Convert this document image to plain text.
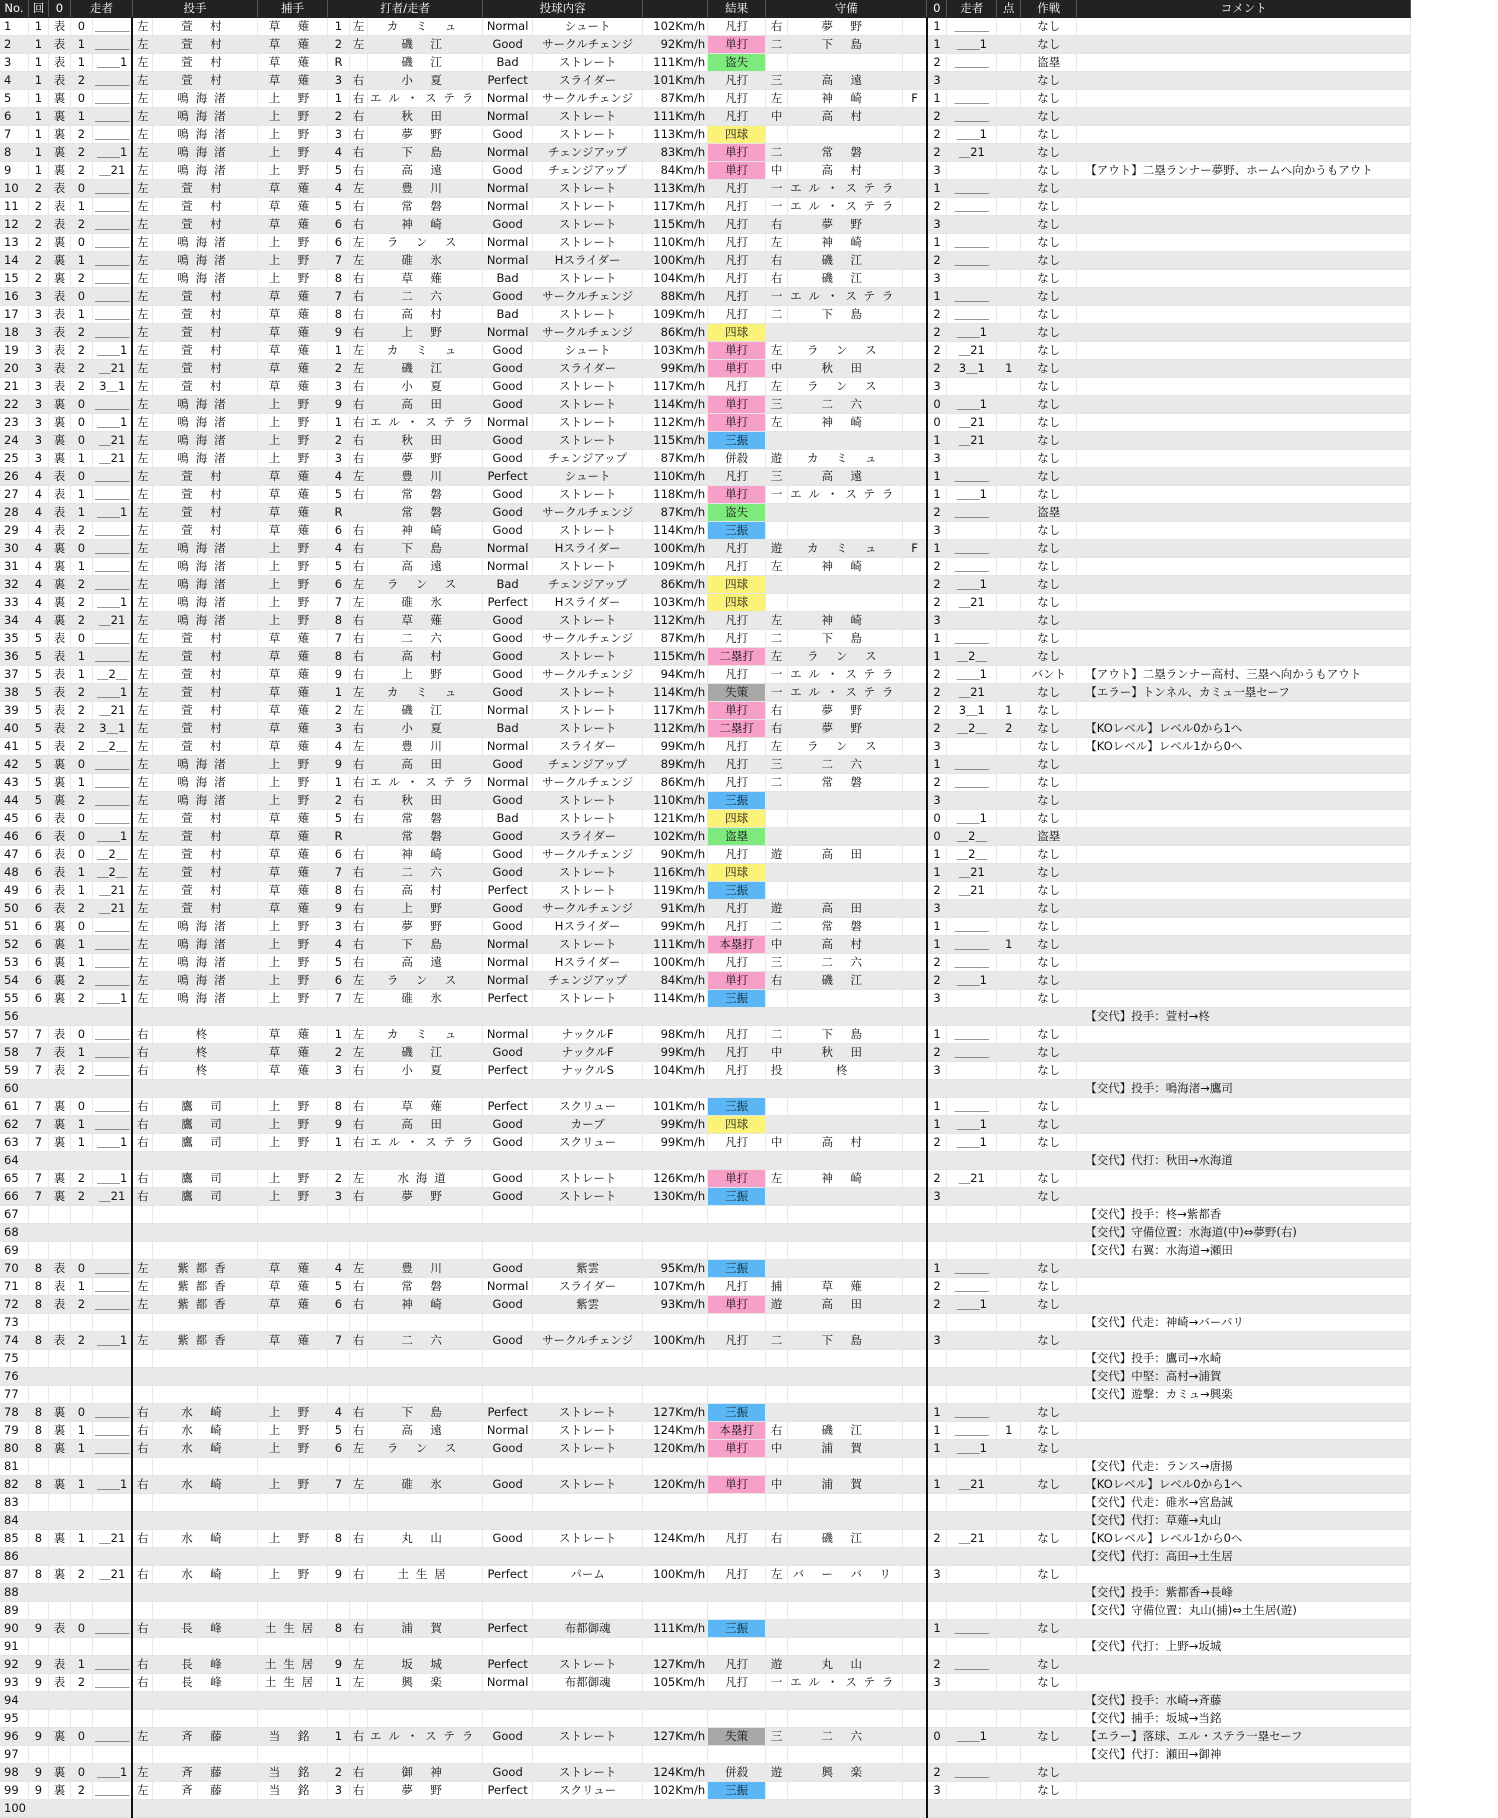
No.	回	0	走者		投手		捕手	打者/走者			投球内容			結果	守備			0	走者	点	作戦	コメント
1	1	表	0	＿＿＿	左	萱 村	草 薙	1	左	カ ミ ュ	Normal	シュート	102Km/h	凡打	右	夢 野		1	＿＿＿		なし	
2	1	表	1	＿＿＿	左	萱 村	草 薙	2	左	磯 江	Good	サークルチェンジ	92Km/h	単打	二	下 島		1	＿＿1		なし	
3	1	表	1	＿＿1	左	萱 村	草 薙	R		磯 江	Bad	ストレート	111Km/h	盗失				2	＿＿＿		盗塁	
4	1	表	2	＿＿＿	左	萱 村	草 薙	3	右	小 夏	Perfect	スライダー	101Km/h	凡打	三	高 遠		3			なし	
5	1	裏	0	＿＿＿	左	鳴海渚	上 野	1	右	エル・ステラ	Normal	サークルチェンジ	87Km/h	凡打	左	神 崎	F	1	＿＿＿		なし	
6	1	裏	1	＿＿＿	左	鳴海渚	上 野	2	右	秋 田	Normal	ストレート	111Km/h	凡打	中	高 村		2	＿＿＿		なし	
7	1	裏	2	＿＿＿	左	鳴海渚	上 野	3	右	夢 野	Good	ストレート	113Km/h	四球				2	＿＿1		なし	
8	1	裏	2	＿＿1	左	鳴海渚	上 野	4	右	下 島	Normal	チェンジアップ	83Km/h	単打	二	常 磐		2	＿21		なし	
9	1	裏	2	＿21	左	鳴海渚	上 野	5	右	高 遠	Good	チェンジアップ	84Km/h	単打	中	高 村		3			なし	【アウト】二塁ランナー夢野、ホームへ向かうもアウト
10	2	表	0	＿＿＿	左	萱 村	草 薙	4	左	豊 川	Normal	ストレート	113Km/h	凡打	一	エル・ステラ		1	＿＿＿		なし	
11	2	表	1	＿＿＿	左	萱 村	草 薙	5	右	常 磐	Normal	ストレート	117Km/h	凡打	一	エル・ステラ		2	＿＿＿		なし	
12	2	表	2	＿＿＿	左	萱 村	草 薙	6	右	神 崎	Good	ストレート	115Km/h	凡打	右	夢 野		3			なし	
13	2	裏	0	＿＿＿	左	鳴海渚	上 野	6	左	ラ ン ス	Normal	ストレート	110Km/h	凡打	左	神 崎		1	＿＿＿		なし	
14	2	裏	1	＿＿＿	左	鳴海渚	上 野	7	左	碓 氷	Normal	Hスライダー	100Km/h	凡打	右	磯 江		2	＿＿＿		なし	
15	2	裏	2	＿＿＿	左	鳴海渚	上 野	8	右	草 薙	Bad	ストレート	104Km/h	凡打	右	磯 江		3			なし	
16	3	表	0	＿＿＿	左	萱 村	草 薙	7	右	二 六	Good	サークルチェンジ	88Km/h	凡打	一	エル・ステラ		1	＿＿＿		なし	
17	3	表	1	＿＿＿	左	萱 村	草 薙	8	右	高 村	Bad	ストレート	109Km/h	凡打	二	下 島		2	＿＿＿		なし	
18	3	表	2	＿＿＿	左	萱 村	草 薙	9	右	上 野	Normal	サークルチェンジ	86Km/h	四球				2	＿＿1		なし	
19	3	表	2	＿＿1	左	萱 村	草 薙	1	左	カ ミ ュ	Good	シュート	103Km/h	単打	左	ラ ン ス		2	＿21		なし	
20	3	表	2	＿21	左	萱 村	草 薙	2	左	磯 江	Good	スライダー	99Km/h	単打	中	秋 田		2	3＿1	1	なし	
21	3	表	2	3＿1	左	萱 村	草 薙	3	右	小 夏	Good	ストレート	117Km/h	凡打	左	ラ ン ス		3			なし	
22	3	裏	0	＿＿＿	左	鳴海渚	上 野	9	右	高 田	Good	ストレート	114Km/h	単打	三	二 六		0	＿＿1		なし	
23	3	裏	0	＿＿1	左	鳴海渚	上 野	1	右	エル・ステラ	Normal	ストレート	112Km/h	単打	左	神 崎		0	＿21		なし	
24	3	裏	0	＿21	左	鳴海渚	上 野	2	右	秋 田	Good	ストレート	115Km/h	三振				1	＿21		なし	
25	3	裏	1	＿21	左	鳴海渚	上 野	3	右	夢 野	Good	チェンジアップ	87Km/h	併殺	遊	カ ミ ュ		3			なし	
26	4	表	0	＿＿＿	左	萱 村	草 薙	4	左	豊 川	Perfect	シュート	110Km/h	凡打	三	高 遠		1	＿＿＿		なし	
27	4	表	1	＿＿＿	左	萱 村	草 薙	5	右	常 磐	Good	ストレート	118Km/h	単打	一	エル・ステラ		1	＿＿1		なし	
28	4	表	1	＿＿1	左	萱 村	草 薙	R		常 磐	Good	サークルチェンジ	87Km/h	盗失				2	＿＿＿		盗塁	
29	4	表	2	＿＿＿	左	萱 村	草 薙	6	右	神 崎	Good	ストレート	114Km/h	三振				3			なし	
30	4	裏	0	＿＿＿	左	鳴海渚	上 野	4	右	下 島	Normal	Hスライダー	100Km/h	凡打	遊	カ ミ ュ	F	1	＿＿＿		なし	
31	4	裏	1	＿＿＿	左	鳴海渚	上 野	5	右	高 遠	Normal	ストレート	109Km/h	凡打	左	神 崎		2	＿＿＿		なし	
32	4	裏	2	＿＿＿	左	鳴海渚	上 野	6	左	ラ ン ス	Bad	チェンジアップ	86Km/h	四球				2	＿＿1		なし	
33	4	裏	2	＿＿1	左	鳴海渚	上 野	7	左	碓 氷	Perfect	Hスライダー	103Km/h	四球				2	＿21		なし	
34	4	裏	2	＿21	左	鳴海渚	上 野	8	右	草 薙	Good	ストレート	112Km/h	凡打	左	神 崎		3			なし	
35	5	表	0	＿＿＿	左	萱 村	草 薙	7	右	二 六	Good	サークルチェンジ	87Km/h	凡打	二	下 島		1	＿＿＿		なし	
36	5	表	1	＿＿＿	左	萱 村	草 薙	8	右	高 村	Good	ストレート	115Km/h	二塁打	左	ラ ン ス		1	＿2＿		なし	
37	5	表	1	＿2＿	左	萱 村	草 薙	9	右	上 野	Good	サークルチェンジ	94Km/h	凡打	一	エル・ステラ		2	＿＿1		バント	【アウト】二塁ランナー高村、三塁へ向かうもアウト
38	5	表	2	＿＿1	左	萱 村	草 薙	1	左	カ ミ ュ	Good	ストレート	114Km/h	失策	一	エル・ステラ		2	＿21		なし	【エラー】トンネル、カミュ一塁セーフ
39	5	表	2	＿21	左	萱 村	草 薙	2	左	磯 江	Normal	ストレート	117Km/h	単打	右	夢 野		2	3＿1	1	なし	
40	5	表	2	3＿1	左	萱 村	草 薙	3	右	小 夏	Bad	ストレート	112Km/h	二塁打	右	夢 野		2	＿2＿	2	なし	【KOレベル】レベル0から1へ
41	5	表	2	＿2＿	左	萱 村	草 薙	4	左	豊 川	Normal	スライダー	99Km/h	凡打	左	ラ ン ス		3			なし	【KOレベル】レベル1から0へ
42	5	裏	0	＿＿＿	左	鳴海渚	上 野	9	右	高 田	Good	チェンジアップ	89Km/h	凡打	三	二 六		1	＿＿＿		なし	
43	5	裏	1	＿＿＿	左	鳴海渚	上 野	1	右	エル・ステラ	Normal	サークルチェンジ	86Km/h	凡打	二	常 磐		2	＿＿＿		なし	
44	5	裏	2	＿＿＿	左	鳴海渚	上 野	2	右	秋 田	Good	ストレート	110Km/h	三振				3			なし	
45	6	表	0	＿＿＿	左	萱 村	草 薙	5	右	常 磐	Bad	ストレート	121Km/h	四球				0	＿＿1		なし	
46	6	表	0	＿＿1	左	萱 村	草 薙	R		常 磐	Good	スライダー	102Km/h	盗塁				0	＿2＿		盗塁	
47	6	表	0	＿2＿	左	萱 村	草 薙	6	右	神 崎	Good	サークルチェンジ	90Km/h	凡打	遊	高 田		1	＿2＿		なし	
48	6	表	1	＿2＿	左	萱 村	草 薙	7	右	二 六	Good	ストレート	116Km/h	四球				1	＿21		なし	
49	6	表	1	＿21	左	萱 村	草 薙	8	右	高 村	Perfect	ストレート	119Km/h	三振				2	＿21		なし	
50	6	表	2	＿21	左	萱 村	草 薙	9	右	上 野	Good	サークルチェンジ	91Km/h	凡打	遊	高 田		3			なし	
51	6	裏	0	＿＿＿	左	鳴海渚	上 野	3	右	夢 野	Good	Hスライダー	99Km/h	凡打	二	常 磐		1	＿＿＿		なし	
52	6	裏	1	＿＿＿	左	鳴海渚	上 野	4	右	下 島	Normal	ストレート	111Km/h	本塁打	中	高 村		1	＿＿＿	1	なし	
53	6	裏	1	＿＿＿	左	鳴海渚	上 野	5	右	高 遠	Normal	Hスライダー	100Km/h	凡打	三	二 六		2	＿＿＿		なし	
54	6	裏	2	＿＿＿	左	鳴海渚	上 野	6	左	ラ ン ス	Normal	チェンジアップ	84Km/h	単打	右	磯 江		2	＿＿1		なし	
55	6	裏	2	＿＿1	左	鳴海渚	上 野	7	左	碓 氷	Perfect	ストレート	114Km/h	三振				3			なし	
56																						【交代】投手：萱村→柊
57	7	表	0	＿＿＿	右	柊	草 薙	1	左	カ ミ ュ	Normal	ナックルF	98Km/h	凡打	二	下 島		1	＿＿＿		なし	
58	7	表	1	＿＿＿	右	柊	草 薙	2	左	磯 江	Good	ナックルF	99Km/h	凡打	中	秋 田		2	＿＿＿		なし	
59	7	表	2	＿＿＿	右	柊	草 薙	3	右	小 夏	Perfect	ナックルS	104Km/h	凡打	投	柊		3			なし	
60																						【交代】投手：鳴海渚→鷹司
61	7	裏	0	＿＿＿	右	鷹 司	上 野	8	右	草 薙	Perfect	スクリュー	101Km/h	三振				1	＿＿＿		なし	
62	7	裏	1	＿＿＿	右	鷹 司	上 野	9	右	高 田	Good	カーブ	99Km/h	四球				1	＿＿1		なし	
63	7	裏	1	＿＿1	右	鷹 司	上 野	1	右	エル・ステラ	Good	スクリュー	99Km/h	凡打	中	高 村		2	＿＿1		なし	
64																						【交代】代打：秋田→水海道
65	7	裏	2	＿＿1	右	鷹 司	上 野	2	左	水海道	Good	ストレート	126Km/h	単打	左	神 崎		2	＿21		なし	
66	7	裏	2	＿21	右	鷹 司	上 野	3	右	夢 野	Good	ストレート	130Km/h	三振				3			なし	
67																						【交代】投手：柊→紫都香
68																						【交代】守備位置：水海道(中)⇔夢野(右)
69																						【交代】右翼：水海道→瀬田
70	8	表	0	＿＿＿	左	紫都香	草 薙	4	左	豊 川	Good	紫雲	95Km/h	三振				1	＿＿＿		なし	
71	8	表	1	＿＿＿	左	紫都香	草 薙	5	右	常 磐	Normal	スライダー	107Km/h	凡打	捕	草 薙		2	＿＿＿		なし	
72	8	表	2	＿＿＿	左	紫都香	草 薙	6	右	神 崎	Good	紫雲	93Km/h	単打	遊	高 田		2	＿＿1		なし	
73																						【交代】代走：神崎→バーバリ
74	8	表	2	＿＿1	左	紫都香	草 薙	7	右	二 六	Good	サークルチェンジ	100Km/h	凡打	二	下 島		3			なし	
75																						【交代】投手：鷹司→水崎
76																						【交代】中堅：高村→浦賀
77																						【交代】遊撃：カミュ→興楽
78	8	裏	0	＿＿＿	右	水 崎	上 野	4	右	下 島	Perfect	ストレート	127Km/h	三振				1	＿＿＿		なし	
79	8	裏	1	＿＿＿	右	水 崎	上 野	5	右	高 遠	Normal	ストレート	124Km/h	本塁打	右	磯 江		1	＿＿＿	1	なし	
80	8	裏	1	＿＿＿	右	水 崎	上 野	6	左	ラ ン ス	Good	ストレート	120Km/h	単打	中	浦 賀		1	＿＿1		なし	
81																						【交代】代走：ランス→唐揚
82	8	裏	1	＿＿1	右	水 崎	上 野	7	左	碓 氷	Good	ストレート	120Km/h	単打	中	浦 賀		1	＿21		なし	【KOレベル】レベル0から1へ
83																						【交代】代走：碓氷→宮島誠
84																						【交代】代打：草薙→丸山
85	8	裏	1	＿21	右	水 崎	上 野	8	右	丸 山	Good	ストレート	124Km/h	凡打	右	磯 江		2	＿21		なし	【KOレベル】レベル1から0へ
86																						【交代】代打：高田→土生居
87	8	裏	2	＿21	右	水 崎	上 野	9	右	土生居	Perfect	パーム	100Km/h	凡打	左	バ ー バ リ		3			なし	
88																						【交代】投手：紫都香→長峰
89																						【交代】守備位置：丸山(捕)⇔土生居(遊)
90	9	表	0	＿＿＿	右	長 峰	土生居	8	右	浦 賀	Perfect	布都御魂	111Km/h	三振				1	＿＿＿		なし	
91																						【交代】代打：上野→坂城
92	9	表	1	＿＿＿	右	長 峰	土生居	9	左	坂 城	Perfect	ストレート	127Km/h	凡打	遊	丸 山		2	＿＿＿		なし	
93	9	表	2	＿＿＿	右	長 峰	土生居	1	左	興 楽	Normal	布都御魂	105Km/h	凡打	一	エル・ステラ		3			なし	
94																						【交代】投手：水崎→斉藤
95																						【交代】捕手：坂城→当銘
96	9	裏	0	＿＿＿	左	斉 藤	当 銘	1	右	エル・ステラ	Good	ストレート	127Km/h	失策	三	二 六		0	＿＿1		なし	【エラー】落球、エル・ステラ一塁セーフ
97																						【交代】代打：瀬田→御神
98	9	裏	0	＿＿1	左	斉 藤	当 銘	2	右	御 神	Good	ストレート	124Km/h	併殺	遊	興 楽		2	＿＿＿		なし	
99	9	裏	2	＿＿＿	左	斉 藤	当 銘	3	右	夢 野	Perfect	スクリュー	102Km/h	三振				3			なし	
100																						
